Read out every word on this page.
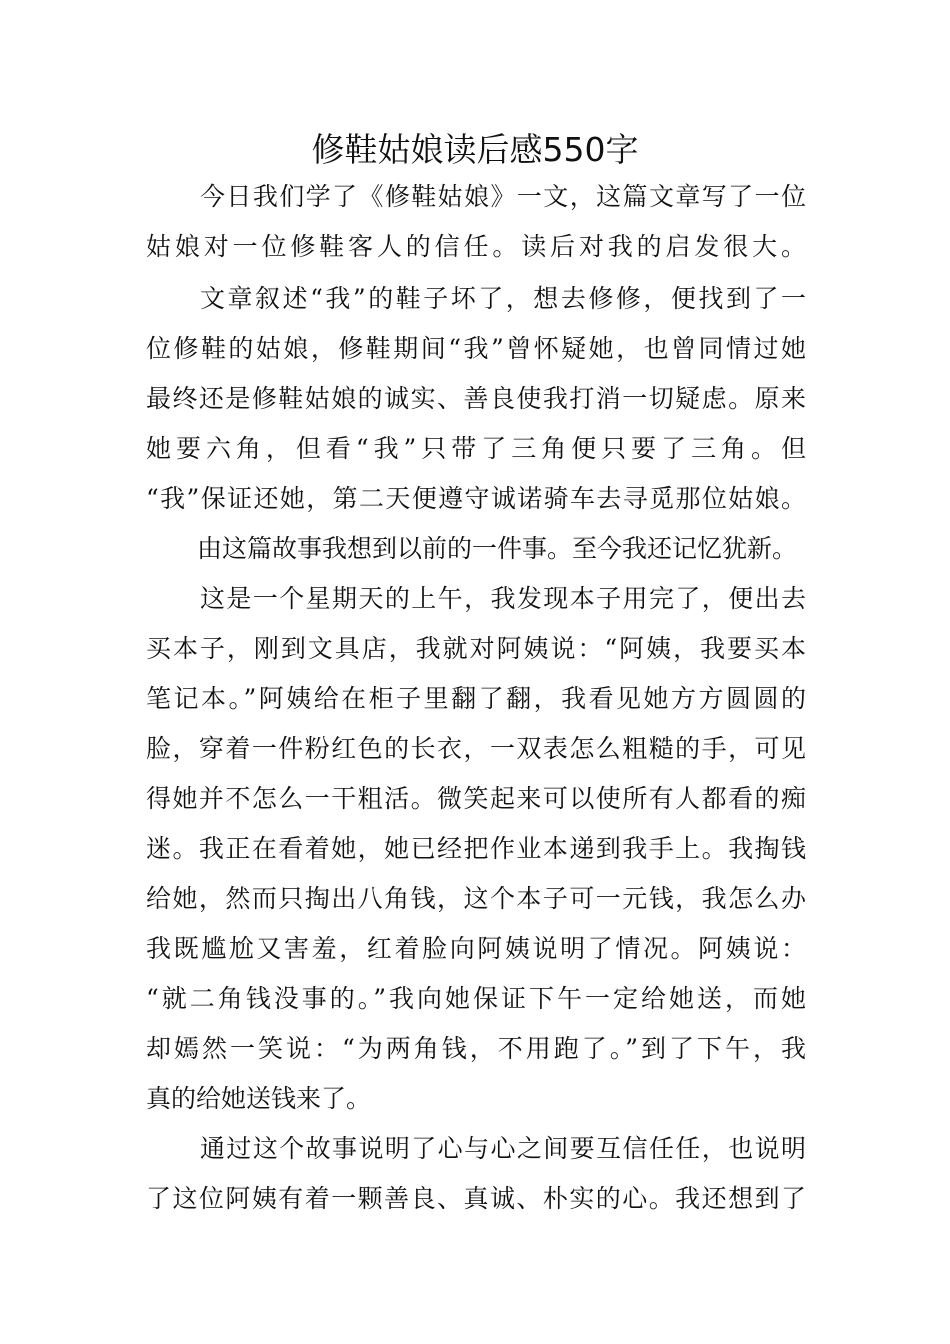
修鞋姑娘读后感550字
今日我们学了《修鞋姑娘》一文，这篇文章写了一位
姑娘对一位修鞋客人的信任。读后对我的启发很大。
文章叙述“我”的鞋子坏了，想去修修，便找到了一
位修鞋的姑娘，修鞋期间“我”曾怀疑她，也曾同情过她
最终还是修鞋姑娘的诚实、善良使我打消一切疑虑。原来
她要六角，但看“我”只带了三角便只要了三角。但
“我”保证还她，第二天便遵守诚诺骑车去寻觅那位姑娘。
由这篇故事我想到以前的一件事。至今我还记忆犹新。
这是一个星期天的上午，我发现本子用完了，便出去
买本子，刚到文具店，我就对阿姨说：“阿姨，我要买本
笔记本。”阿姨给在柜子里翻了翻，我看见她方方圆圆的
脸，穿着一件粉红色的长衣，一双表怎么粗糙的手，可见
得她并不怎么一干粗活。微笑起来可以使所有人都看的痴
迷。我正在看着她，她已经把作业本递到我手上。我掏钱
给她，然而只掏出八角钱，这个本子可一元钱，我怎么办
我既尴尬又害羞，红着脸向阿姨说明了情况。阿姨说：
“就二角钱没事的。”我向她保证下午一定给她送，而她
却嫣然一笑说：“为两角钱，不用跑了。”到了下午，我
真的给她送钱来了。
通过这个故事说明了心与心之间要互信任任，也说明
了这位阿姨有着一颗善良、真诚、朴实的心。我还想到了
